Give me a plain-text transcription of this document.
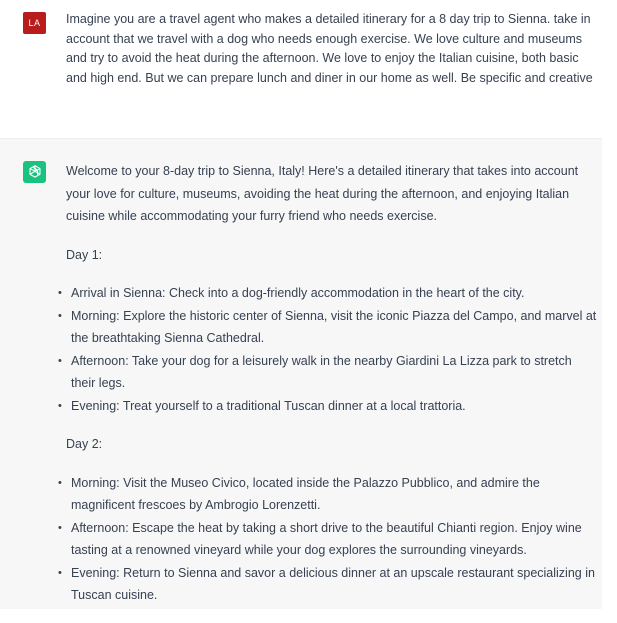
LA	Imagine you are a travel agent who makes a detailed itinerary for a 8 day trip to Sienna. take in account that we travel with a dog who needs enough exercise. We love culture and museums and try to avoid the heat during the afternoon. We love to enjoy the Italian cuisine, both basic and high end. But we can prepare lunch and diner in our home as well. Be specific and creative

Welcome to your 8-day trip to Sienna, Italy! Here's a detailed itinerary that takes into account your love for culture, museums, avoiding the heat during the afternoon, and enjoying Italian cuisine while accommodating your furry friend who needs exercise.

Day 1:

• Arrival in Sienna: Check into a dog-friendly accommodation in the heart of the city.
• Morning: Explore the historic center of Sienna, visit the iconic Piazza del Campo, and marvel at the breathtaking Sienna Cathedral.
• Afternoon: Take your dog for a leisurely walk in the nearby Giardini La Lizza park to stretch their legs.
• Evening: Treat yourself to a traditional Tuscan dinner at a local trattoria.

Day 2:

• Morning: Visit the Museo Civico, located inside the Palazzo Pubblico, and admire the magnificent frescoes by Ambrogio Lorenzetti.
• Afternoon: Escape the heat by taking a short drive to the beautiful Chianti region. Enjoy wine tasting at a renowned vineyard while your dog explores the surrounding vineyards.
• Evening: Return to Sienna and savor a delicious dinner at an upscale restaurant specializing in Tuscan cuisine.
